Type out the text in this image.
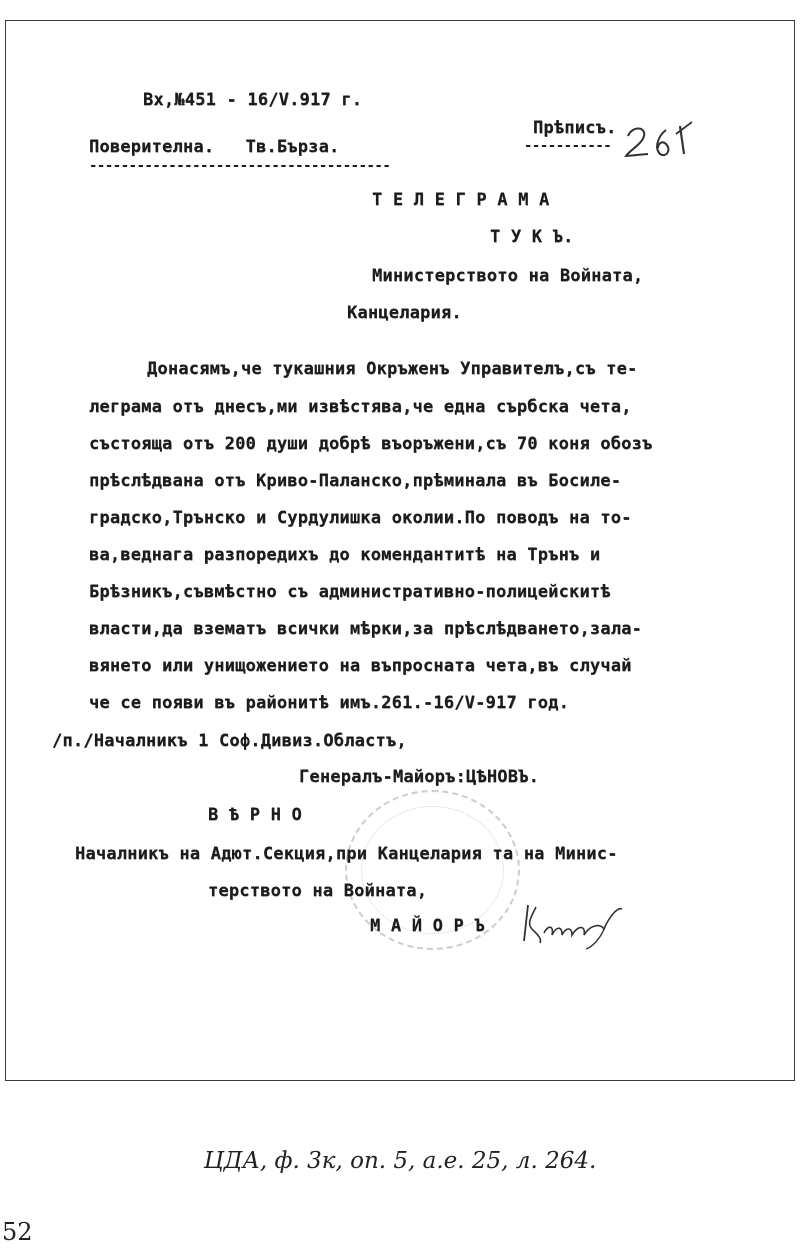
Вх,№451 - 16/V.917 г.
Поверителна.   Тв.Бърза.
--------------------------------------
Прѣписъ.
-----------
Т Е Л Е Г Р А М А
Т У К Ъ.
Министерството на Войната,
Канцелария.
Донасямъ,че тукашния Окръженъ Управителъ,съ те-
леграма отъ днесъ,ми извѣстява,че една сърбска чета,
състояща отъ 200 души добрѣ въоръжени,съ 70 коня обозъ
прѣслѣдвана отъ Криво-Паланско,прѣминала въ Босиле-
градско,Трънско и Сурдулишка околии.По поводъ на то-
ва,веднага разпоредихъ до комендантитѣ на Трънъ и
Брѣзникъ,съвмѣстно съ административно-полицейскитѣ
власти,да взематъ всички мѣрки,за прѣслѣдването,зала-
вянето или унищожението на въпросната чета,въ случай
че се появи въ районитѣ имъ.261.-16/V-917 год.
/п./Началникъ 1 Соф.Дивиз.Областъ,
Генералъ-Майоръ:ЦѢНОВЪ.
В Ѣ Р Н О
Началникъ на Адют.Секция,при Канцелария та на Минис-
терството на Войната,
М А Й О Р Ъ
ЦДА, ф. 3к, оп. 5, а.е. 25, л. 264.
52
